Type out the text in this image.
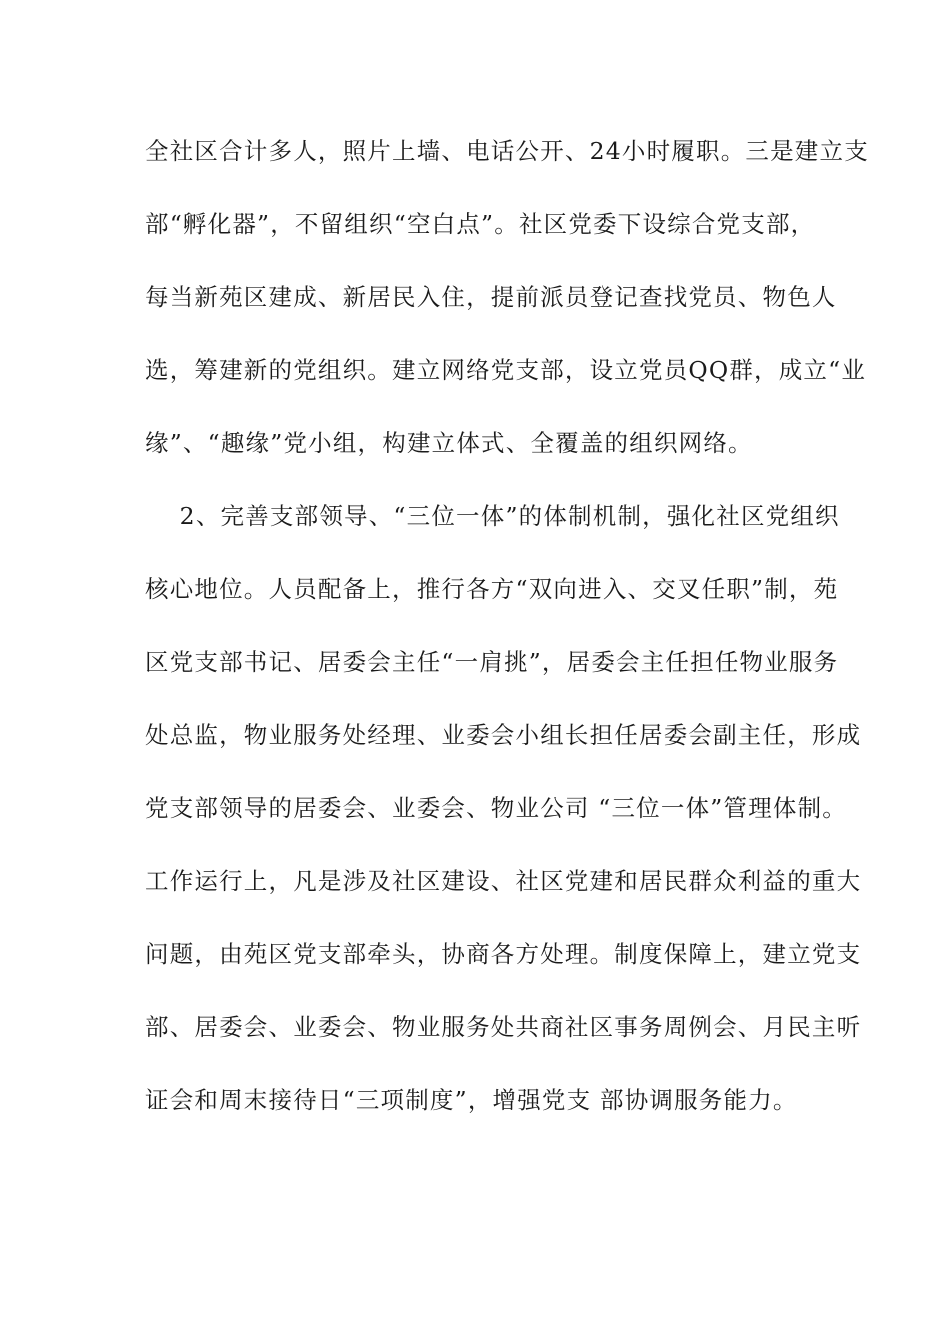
全社区合计多人，照片上墙、电话公开、24小时履职。三是建立支
部“孵化器”，不留组织“空白点”。社区党委下设综合党支部，
每当新苑区建成、新居民入住，提前派员登记查找党员、物色人
选，筹建新的党组织。建立网络党支部，设立党员QQ群，成立“业
缘”、“趣缘”党小组，构建立体式、全覆盖的组织网络。
2、完善支部领导、“三位一体”的体制机制，强化社区党组织
核心地位。人员配备上，推行各方“双向进入、交叉任职”制，苑
区党支部书记、居委会主任“一肩挑”，居委会主任担任物业服务
处总监，物业服务处经理、业委会小组长担任居委会副主任，形成
党支部领导的居委会、业委会、物业公司 “三位一体”管理体制。
工作运行上，凡是涉及社区建设、社区党建和居民群众利益的重大
问题，由苑区党支部牵头，协商各方处理。制度保障上，建立党支
部、居委会、业委会、物业服务处共商社区事务周例会、月民主听
证会和周末接待日“三项制度”，增强党支 部协调服务能力。
